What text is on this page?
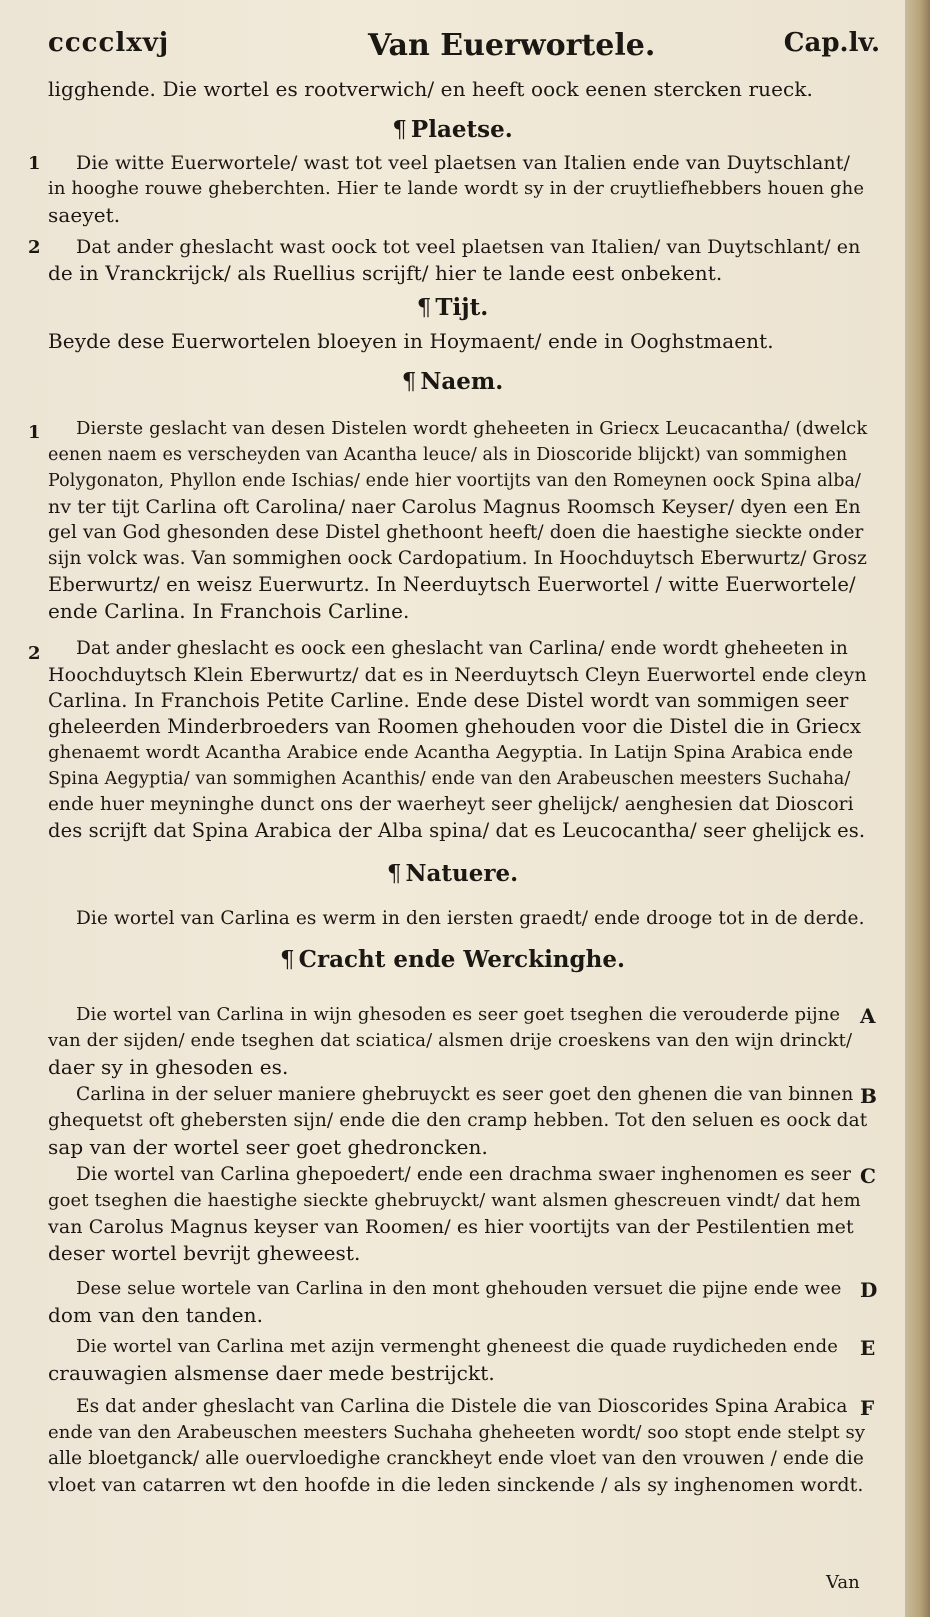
cccclxvj	Van Euerwortele.	Cap.lv.
ligghende. Die wortel es rootverwich/ en heeft oock eenen stercken rueck.
¶ Plaetse.
1 Die witte Euerwortele/ wast tot veel plaetsen van Italien ende van Duytschlant/
in hooghe rouwe gheberchten. Hier te lande wordt sy in der cruytliefhebbers houen ghe
saeyet.
2 Dat ander gheslacht wast oock tot veel plaetsen van Italien/ van Duytschlant/ en
de in Vranckrijck/ als Ruellius scrijft/ hier te lande eest onbekent.
¶ Tijt.
Beyde dese Euerwortelen bloeyen in Hoymaent/ ende in Ooghstmaent.
¶ Naem.
1 Dierste geslacht van desen Distelen wordt gheheeten in Griecx Leucacantha/ (dwelck
eenen naem es verscheyden van Acantha leuce/ als in Dioscoride blijckt) van sommighen
Polygonaton, Phyllon ende Ischias/ ende hier voortijts van den Romeynen oock Spina alba/
nv ter tijt Carlina oft Carolina/ naer Carolus Magnus Roomsch Keyser/ dyen een En
gel van God ghesonden dese Distel ghethoont heeft/ doen die haestighe sieckte onder
sijn volck was. Van sommighen oock Cardopatium. In Hoochduytsch Eberwurtz/ Grosz
Eberwurtz/ en weisz Euerwurtz. In Neerduytsch Euerwortel / witte Euerwortele/
ende Carlina. In Franchois Carline.
2 Dat ander gheslacht es oock een gheslacht van Carlina/ ende wordt gheheeten in
Hoochduytsch Klein Eberwurtz/ dat es in Neerduytsch Cleyn Euerwortel ende cleyn
Carlina. In Franchois Petite Carline. Ende dese Distel wordt van sommigen seer
gheleerden Minderbroeders van Roomen ghehouden voor die Distel die in Griecx
ghenaemt wordt Acantha Arabice ende Acantha Aegyptia. In Latijn Spina Arabica ende
Spina Aegyptia/ van sommighen Acanthis/ ende van den Arabeuschen meesters Suchaha/
ende huer meyninghe dunct ons der waerheyt seer ghelijck/ aenghesien dat Dioscori
des scrijft dat Spina Arabica der Alba spina/ dat es Leucocantha/ seer ghelijck es.
¶ Natuere.
Die wortel van Carlina es werm in den iersten graedt/ ende drooge tot in de derde.
¶ Cracht ende Werckinghe.
A
Die wortel van Carlina in wijn ghesoden es seer goet tseghen die verouderde pijne
van der sijden/ ende tseghen dat sciatica/ alsmen drije croeskens van den wijn drinckt/
daer sy in ghesoden es.
B
Carlina in der seluer maniere ghebruyckt es seer goet den ghenen die van binnen
ghequetst oft ghebersten sijn/ ende die den cramp hebben. Tot den seluen es oock dat
sap van der wortel seer goet ghedroncken.
C
Die wortel van Carlina ghepoedert/ ende een drachma swaer inghenomen es seer
goet tseghen die haestighe sieckte ghebruyckt/ want alsmen ghescreuen vindt/ dat hem
van Carolus Magnus keyser van Roomen/ es hier voortijts van der Pestilentien met
deser wortel bevrijt gheweest.
D
Dese selue wortele van Carlina in den mont ghehouden versuet die pijne ende wee
dom van den tanden.
E
Die wortel van Carlina met azijn vermenght gheneest die quade ruydicheden ende
crauwagien alsmense daer mede bestrijckt.
F
Es dat ander gheslacht van Carlina die Distele die van Dioscorides Spina Arabica
ende van den Arabeuschen meesters Suchaha gheheeten wordt/ soo stopt ende stelpt sy
alle bloetganck/ alle ouervloedighe cranckheyt ende vloet van den vrouwen / ende die
vloet van catarren wt den hoofde in die leden sinckende / als sy inghenomen wordt.
Van
